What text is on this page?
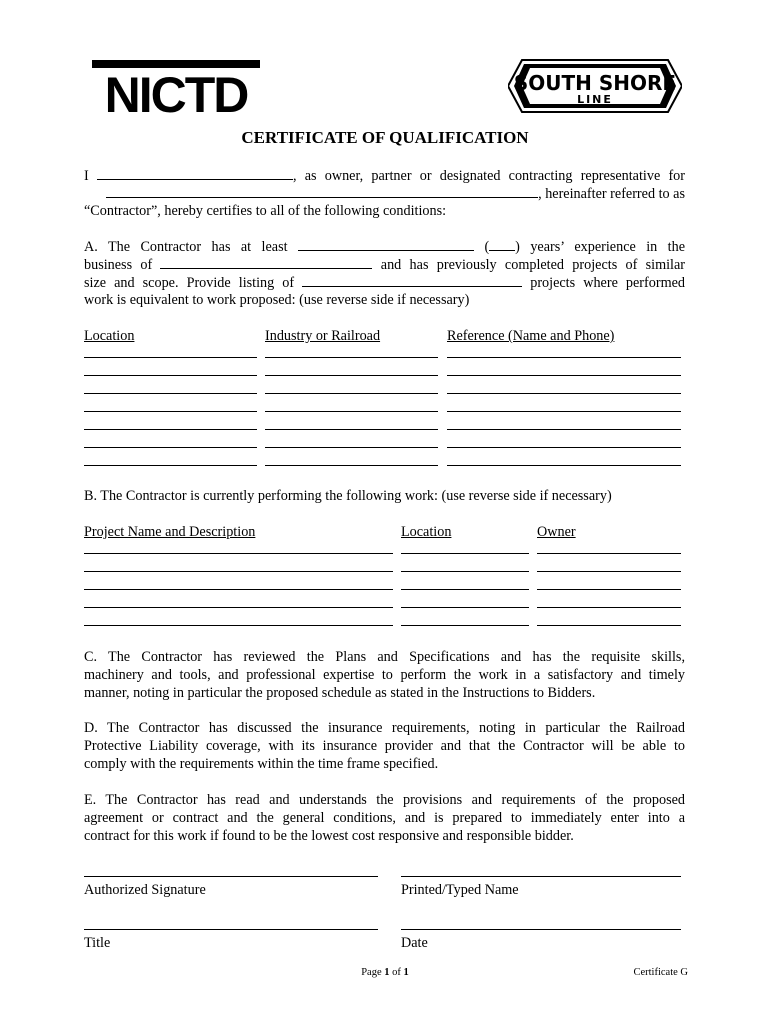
NICTD	SOUTH SHORE
LINE
CERTIFICATE OF QUALIFICATION
I	, as owner, partner or designated contracting representative for
, hereinafter referred to as
“Contractor”, hereby certifies to all of the following conditions:
A. The Contractor has at least	( ) years’ experience in the
business of	and has previously completed projects of similar
size and scope. Provide listing of	projects where performed
work is equivalent to work proposed: (use reverse side if necessary)
Location	Industry or Railroad	Reference (Name and Phone)
B. The Contractor is currently performing the following work: (use reverse side if necessary)
Project Name and Description	Location	Owner
C. The Contractor has reviewed the Plans and Specifications and has the requisite skills,
machinery and tools, and professional expertise to perform the work in a satisfactory and timely
manner, noting in particular the proposed schedule as stated in the Instructions to Bidders.
D. The Contractor has discussed the insurance requirements, noting in particular the Railroad
Protective Liability coverage, with its insurance provider and that the Contractor will be able to
comply with the requirements within the time frame specified.
E. The Contractor has read and understands the provisions and requirements of the proposed
agreement or contract and the general conditions, and is prepared to immediately enter into a
contract for this work if found to be the lowest cost responsive and responsible bidder.
Authorized Signature	Printed/Typed Name
Title	Date
Page 1 of 1	Certificate G
